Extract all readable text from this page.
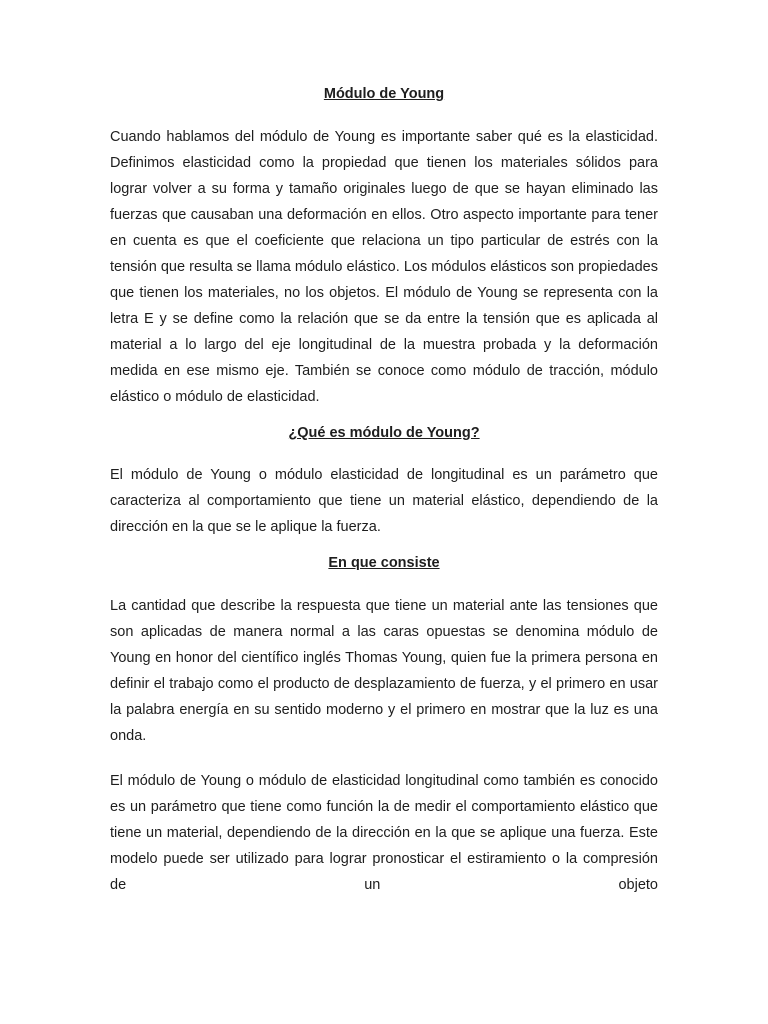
Módulo de Young

Cuando hablamos del módulo de Young es importante saber qué es la elasticidad. Definimos elasticidad como la propiedad que tienen los materiales sólidos para lograr volver a su forma y tamaño originales luego de que se hayan eliminado las fuerzas que causaban una deformación en ellos. Otro aspecto importante para tener en cuenta es que el coeficiente que relaciona un tipo particular de estrés con la tensión que resulta se llama módulo elástico. Los módulos elásticos son propiedades que tienen los materiales, no los objetos. El módulo de Young se representa con la letra E y se define como la relación que se da entre la tensión que es aplicada al material a lo largo del eje longitudinal de la muestra probada y la deformación medida en ese mismo eje. También se conoce como módulo de tracción, módulo elástico o módulo de elasticidad.

¿Qué es módulo de Young?

El módulo de Young o módulo elasticidad de longitudinal es un parámetro que caracteriza al comportamiento que tiene un material elástico, dependiendo de la dirección en la que se le aplique la fuerza.

En que consiste

La cantidad que describe la respuesta que tiene un material ante las tensiones que son aplicadas de manera normal a las caras opuestas se denomina módulo de Young en honor del científico inglés Thomas Young, quien fue la primera persona en definir el trabajo como el producto de desplazamiento de fuerza, y el primero en usar la palabra energía en su sentido moderno y el primero en mostrar que la luz es una onda.

El módulo de Young o módulo de elasticidad longitudinal como también es conocido es un parámetro que tiene como función la de medir el comportamiento elástico que tiene un material, dependiendo de la dirección en la que se aplique una fuerza. Este modelo puede ser utilizado para lograr pronosticar el estiramiento o la compresión de un objeto
